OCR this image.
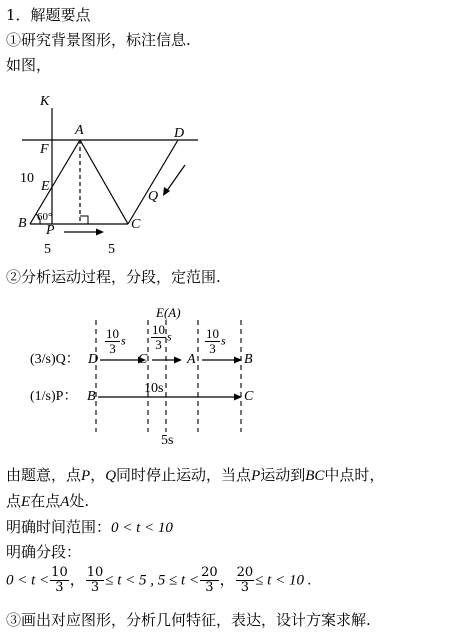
1．解题要点
①研究背景图形，标注信息.
如图，
K
A	D
F
10
E
B 60°	C
Q
P
5	5
②分析运动过程，分段，定范围.
E(A)
$\frac{10}{3}$ s $\frac{10}{3}$ s	$\frac{10}{3}$ s
(3/s)Q： D	C	A	B
10s
(1/s)P： B	C
5s
由题意，点P，Q同时停止运动，当点P运动到BC中点时，
点E在点A处.
明确时间范围：0 < t < 10
明确分段：
$0 < t < \frac{10}{3}$ ， $\frac{10}{3} \le t < 5$ , $5 \le t < \frac{20}{3}$ ， $\frac{20}{3} \le t < 10$ .
③画出对应图形，分析几何特征，表达，设计方案求解.
